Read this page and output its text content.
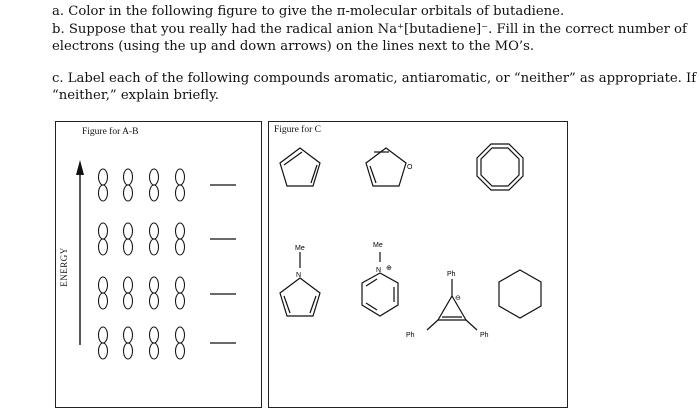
a. Color in the following figure to give the π-molecular orbitals of butadiene.

b. Suppose that you really had the radical anion Na⁺[butadiene]⁻. Fill in the correct number of

electrons (using the up and down arrows) on the lines next to the MO’s.

c. Label each of the following compounds aromatic, antiaromatic, or “neither” as appropriate. If

“neither,” explain briefly.

Figure for A-B	Figure for C
ENERGY
O
Me
N
Me
N ⊕
Ph
Ph	Ph
⊖
